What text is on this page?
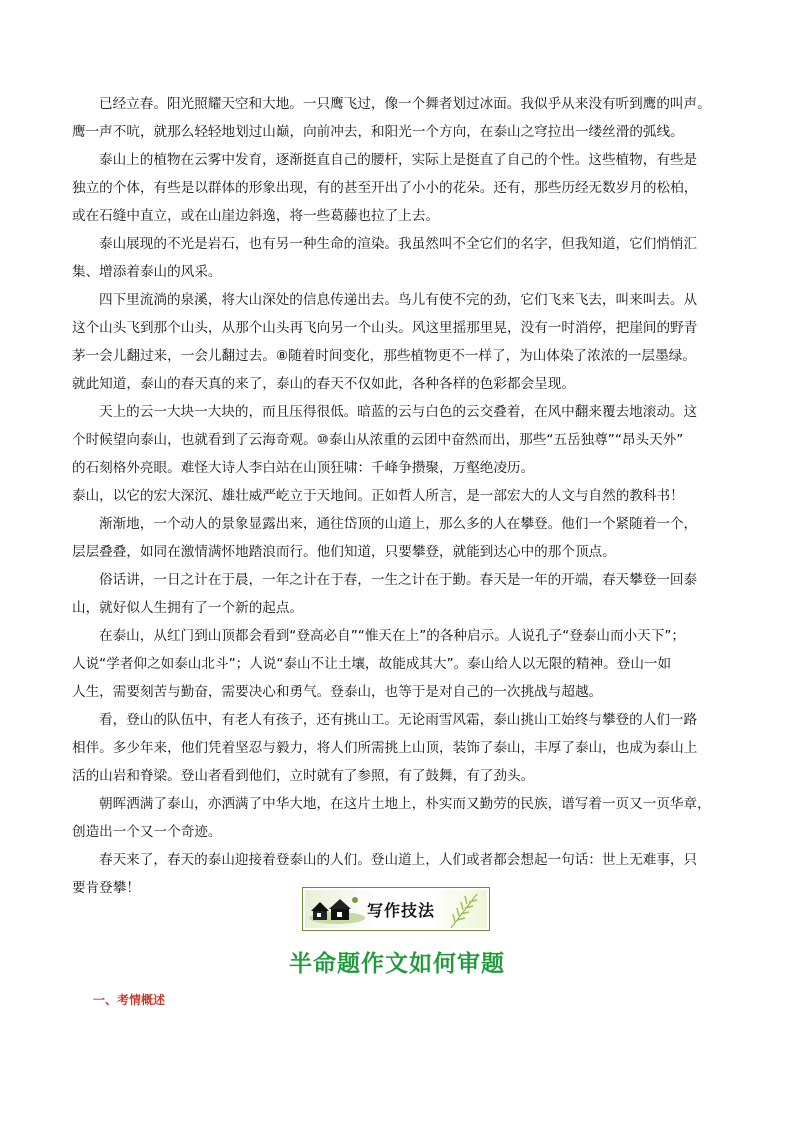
已经立春。阳光照耀天空和大地。一只鹰飞过，像一个舞者划过冰面。我似乎从来没有听到鹰的叫声。
鹰一声不吭，就那么轻轻地划过山巅，向前冲去，和阳光一个方向，在泰山之穹拉出一缕丝滑的弧线。
泰山上的植物在云雾中发育，逐渐挺直自己的腰杆，实际上是挺直了自己的个性。这些植物，有些是
独立的个体，有些是以群体的形象出现，有的甚至开出了小小的花朵。还有，那些历经无数岁月的松柏，
或在石缝中直立，或在山崖边斜逸，将一些葛藤也拉了上去。
泰山展现的不光是岩石，也有另一种生命的渲染。我虽然叫不全它们的名字，但我知道，它们悄悄汇
集、增添着泰山的风采。
四下里流淌的泉溪，将大山深处的信息传递出去。鸟儿有使不完的劲，它们飞来飞去，叫来叫去。从
这个山头飞到那个山头，从那个山头再飞向另一个山头。风这里摇那里晃，没有一时消停，把崖间的野青
茅一会儿翻过来，一会儿翻过去。⑧随着时间变化，那些植物更不一样了，为山体染了浓浓的一层墨绿。
就此知道，泰山的春天真的来了，泰山的春天不仅如此，各种各样的色彩都会呈现。
天上的云一大块一大块的，而且压得很低。暗蓝的云与白色的云交叠着，在风中翻来覆去地滚动。这
个时候望向泰山，也就看到了云海奇观。⑩泰山从浓重的云团中奋然而出，那些“五岳独尊”“昂头天外”
的石刻格外亮眼。难怪大诗人李白站在山顶狂啸：千峰争攒聚，万壑绝凌历。
泰山，以它的宏大深沉、雄壮威严屹立于天地间。正如哲人所言，是一部宏大的人文与自然的教科书！
渐渐地，一个动人的景象显露出来，通往岱顶的山道上，那么多的人在攀登。他们一个紧随着一个，
层层叠叠，如同在激情满怀地踏浪而行。他们知道，只要攀登，就能到达心中的那个顶点。
俗话讲，一日之计在于晨，一年之计在于春，一生之计在于勤。春天是一年的开端，春天攀登一回泰
山，就好似人生拥有了一个新的起点。
在泰山，从红门到山顶都会看到“登高必自”“惟天在上”的各种启示。人说孔子“登泰山而小天下”；
人说“学者仰之如泰山北斗”；人说“泰山不让土壤，故能成其大”。泰山给人以无限的精神。登山一如
人生，需要刻苦与勤奋，需要决心和勇气。登泰山，也等于是对自己的一次挑战与超越。
看，登山的队伍中，有老人有孩子，还有挑山工。无论雨雪风霜，泰山挑山工始终与攀登的人们一路
相伴。多少年来，他们凭着坚忍与毅力，将人们所需挑上山顶，装饰了泰山，丰厚了泰山，也成为泰山上
活的山岩和脊梁。登山者看到他们，立时就有了参照，有了鼓舞，有了劲头。
朝晖洒满了泰山，亦洒满了中华大地，在这片土地上，朴实而又勤劳的民族，谱写着一页又一页华章，
创造出一个又一个奇迹。
春天来了，春天的泰山迎接着登泰山的人们。登山道上，人们或者都会想起一句话：世上无难事，只
要肯登攀！
写作技法
半命题作文如何审题
一、考情概述
